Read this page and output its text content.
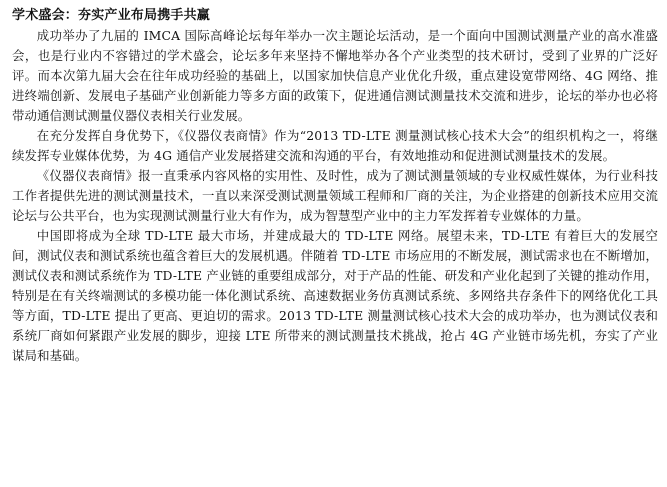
学术盛会：夯实产业布局携手共赢

成功举办了九届的 IMCA 国际高峰论坛每年举办一次主题论坛活动，是一个面向中国测试测量产业的高水准盛会，也是行业内不容错过的学术盛会，论坛多年来坚持不懈地举办各个产业类型的技术研讨，受到了业界的广泛好评。而本次第九届大会在往年成功经验的基础上，以国家加快信息产业优化升级，重点建设宽带网络、4G 网络、推进终端创新、发展电子基础产业创新能力等多方面的政策下，促进通信测试测量技术交流和进步，论坛的举办也必将带动通信测试测量仪器仪表相关行业发展。

在充分发挥自身优势下，《仪器仪表商情》作为“2013 TD-LTE 测量测试核心技术大会”的组织机构之一，将继续发挥专业媒体优势，为 4G 通信产业发展搭建交流和沟通的平台，有效地推动和促进测试测量技术的发展。

《仪器仪表商情》报一直秉承内容风格的实用性、及时性，成为了测试测量领域的专业权威性媒体，为行业科技工作者提供先进的测试测量技术，一直以来深受测试测量领域工程师和厂商的关注，为企业搭建的创新技术应用交流论坛与公共平台，也为实现测试测量行业大有作为，成为智慧型产业中的主力军发挥着专业媒体的力量。

中国即将成为全球 TD-LTE 最大市场，并建成最大的 TD-LTE 网络。展望未来，TD-LTE 有着巨大的发展空间，测试仪表和测试系统也蕴含着巨大的发展机遇。伴随着 TD-LTE 市场应用的不断发展，测试需求也在不断增加，测试仪表和测试系统作为 TD-LTE 产业链的重要组成部分，对于产品的性能、研发和产业化起到了关键的推动作用，特别是在有关终端测试的多模功能一体化测试系统、高速数据业务仿真测试系统、多网络共存条件下的网络优化工具等方面，TD-LTE 提出了更高、更迫切的需求。2013 TD-LTE 测量测试核心技术大会的成功举办，也为测试仪表和系统厂商如何紧跟产业发展的脚步，迎接 LTE 所带来的测试测量技术挑战，抢占 4G 产业链市场先机，夯实了产业谋局和基础。
